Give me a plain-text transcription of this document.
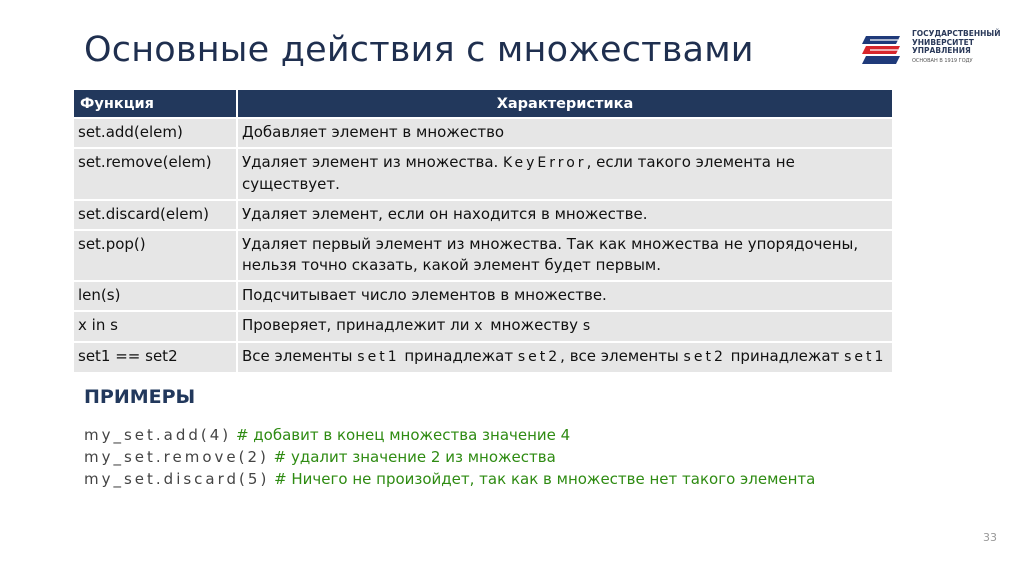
Основные действия с множествами	ГОСУДАРСТВЕННЫЙ
УНИВЕРСИТЕТ
УПРАВЛЕНИЯ
ОСНОВАН В 1919 ГОДУ
Функция	Характеристика
set.add(elem)	Добавляет элемент в множество
set.remove(elem)	Удаляет элемент из множества. KeyError, если такого элемента не существует.
set.discard(elem)	Удаляет элемент, если он находится в множестве.
set.pop()	Удаляет первый элемент из множества. Так как множества не упорядочены, нельзя точно сказать, какой элемент будет первым.
len(s)	Подсчитывает число элементов в множестве.
x in s	Проверяет, принадлежит ли x множеству s
set1 == set2	Все элементы set1 принадлежат set2, все элементы set2 принадлежат set1
ПРИМЕРЫ
my_set.add(4) # добавит в конец множества значение 4
my_set.remove(2) # удалит значение 2 из множества
my_set.discard(5) # Ничего не произойдет, так как в множестве нет такого элемента
33
